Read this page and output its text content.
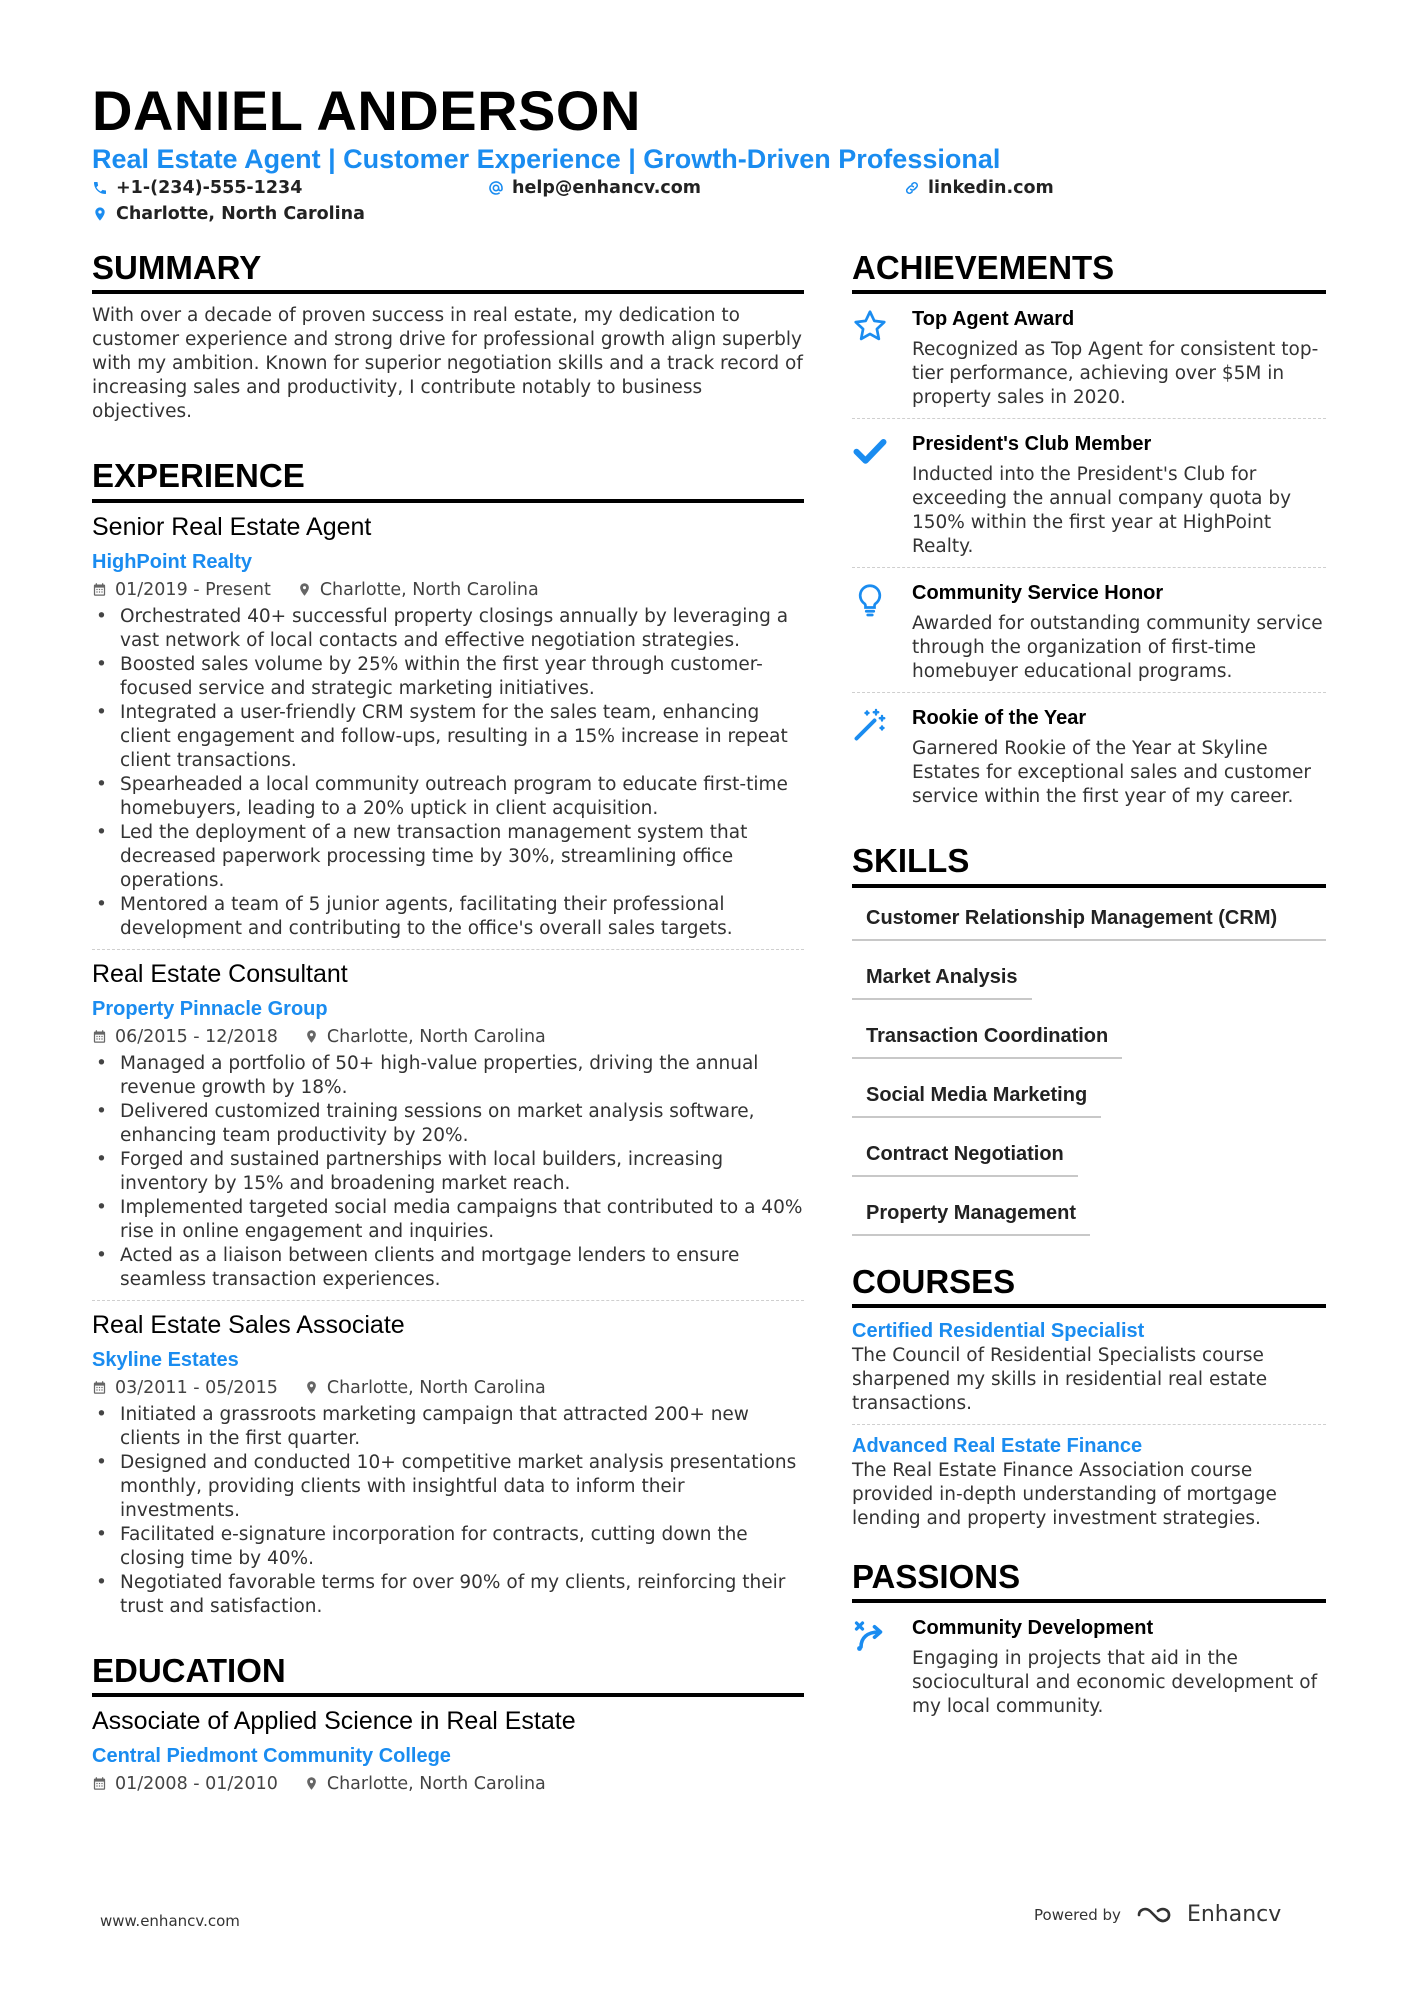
DANIEL ANDERSON
Real Estate Agent | Customer Experience | Growth-Driven Professional
+1-(234)-555-1234	help@enhancv.com	linkedin.com
Charlotte, North Carolina
SUMMARY
With over a decade of proven success in real estate, my dedication to customer experience and strong drive for professional growth align superbly with my ambition. Known for superior negotiation skills and a track record of increasing sales and productivity, I contribute notably to business objectives.
EXPERIENCE
Senior Real Estate Agent
HighPoint Realty
01/2019 - Present	Charlotte, North Carolina
• Orchestrated 40+ successful property closings annually by leveraging a vast network of local contacts and effective negotiation strategies.
• Boosted sales volume by 25% within the first year through customer-focused service and strategic marketing initiatives.
• Integrated a user-friendly CRM system for the sales team, enhancing client engagement and follow-ups, resulting in a 15% increase in repeat client transactions.
• Spearheaded a local community outreach program to educate first-time homebuyers, leading to a 20% uptick in client acquisition.
• Led the deployment of a new transaction management system that decreased paperwork processing time by 30%, streamlining office operations.
• Mentored a team of 5 junior agents, facilitating their professional development and contributing to the office's overall sales targets.
Real Estate Consultant
Property Pinnacle Group
06/2015 - 12/2018	Charlotte, North Carolina
• Managed a portfolio of 50+ high-value properties, driving the annual revenue growth by 18%.
• Delivered customized training sessions on market analysis software, enhancing team productivity by 20%.
• Forged and sustained partnerships with local builders, increasing inventory by 15% and broadening market reach.
• Implemented targeted social media campaigns that contributed to a 40% rise in online engagement and inquiries.
• Acted as a liaison between clients and mortgage lenders to ensure seamless transaction experiences.
Real Estate Sales Associate
Skyline Estates
03/2011 - 05/2015	Charlotte, North Carolina
• Initiated a grassroots marketing campaign that attracted 200+ new clients in the first quarter.
• Designed and conducted 10+ competitive market analysis presentations monthly, providing clients with insightful data to inform their investments.
• Facilitated e-signature incorporation for contracts, cutting down the closing time by 40%.
• Negotiated favorable terms for over 90% of my clients, reinforcing their trust and satisfaction.
EDUCATION
Associate of Applied Science in Real Estate
Central Piedmont Community College
01/2008 - 01/2010	Charlotte, North Carolina
ACHIEVEMENTS
Top Agent Award
Recognized as Top Agent for consistent top-tier performance, achieving over $5M in property sales in 2020.
President's Club Member
Inducted into the President's Club for exceeding the annual company quota by 150% within the first year at HighPoint Realty.
Community Service Honor
Awarded for outstanding community service through the organization of first-time homebuyer educational programs.
Rookie of the Year
Garnered Rookie of the Year at Skyline Estates for exceptional sales and customer service within the first year of my career.
SKILLS
Customer Relationship Management (CRM)
Market Analysis
Transaction Coordination
Social Media Marketing
Contract Negotiation
Property Management
COURSES
Certified Residential Specialist
The Council of Residential Specialists course sharpened my skills in residential real estate transactions.
Advanced Real Estate Finance
The Real Estate Finance Association course provided in-depth understanding of mortgage lending and property investment strategies.
PASSIONS
Community Development
Engaging in projects that aid in the sociocultural and economic development of my local community.
www.enhancv.com	Powered by	Enhancv
